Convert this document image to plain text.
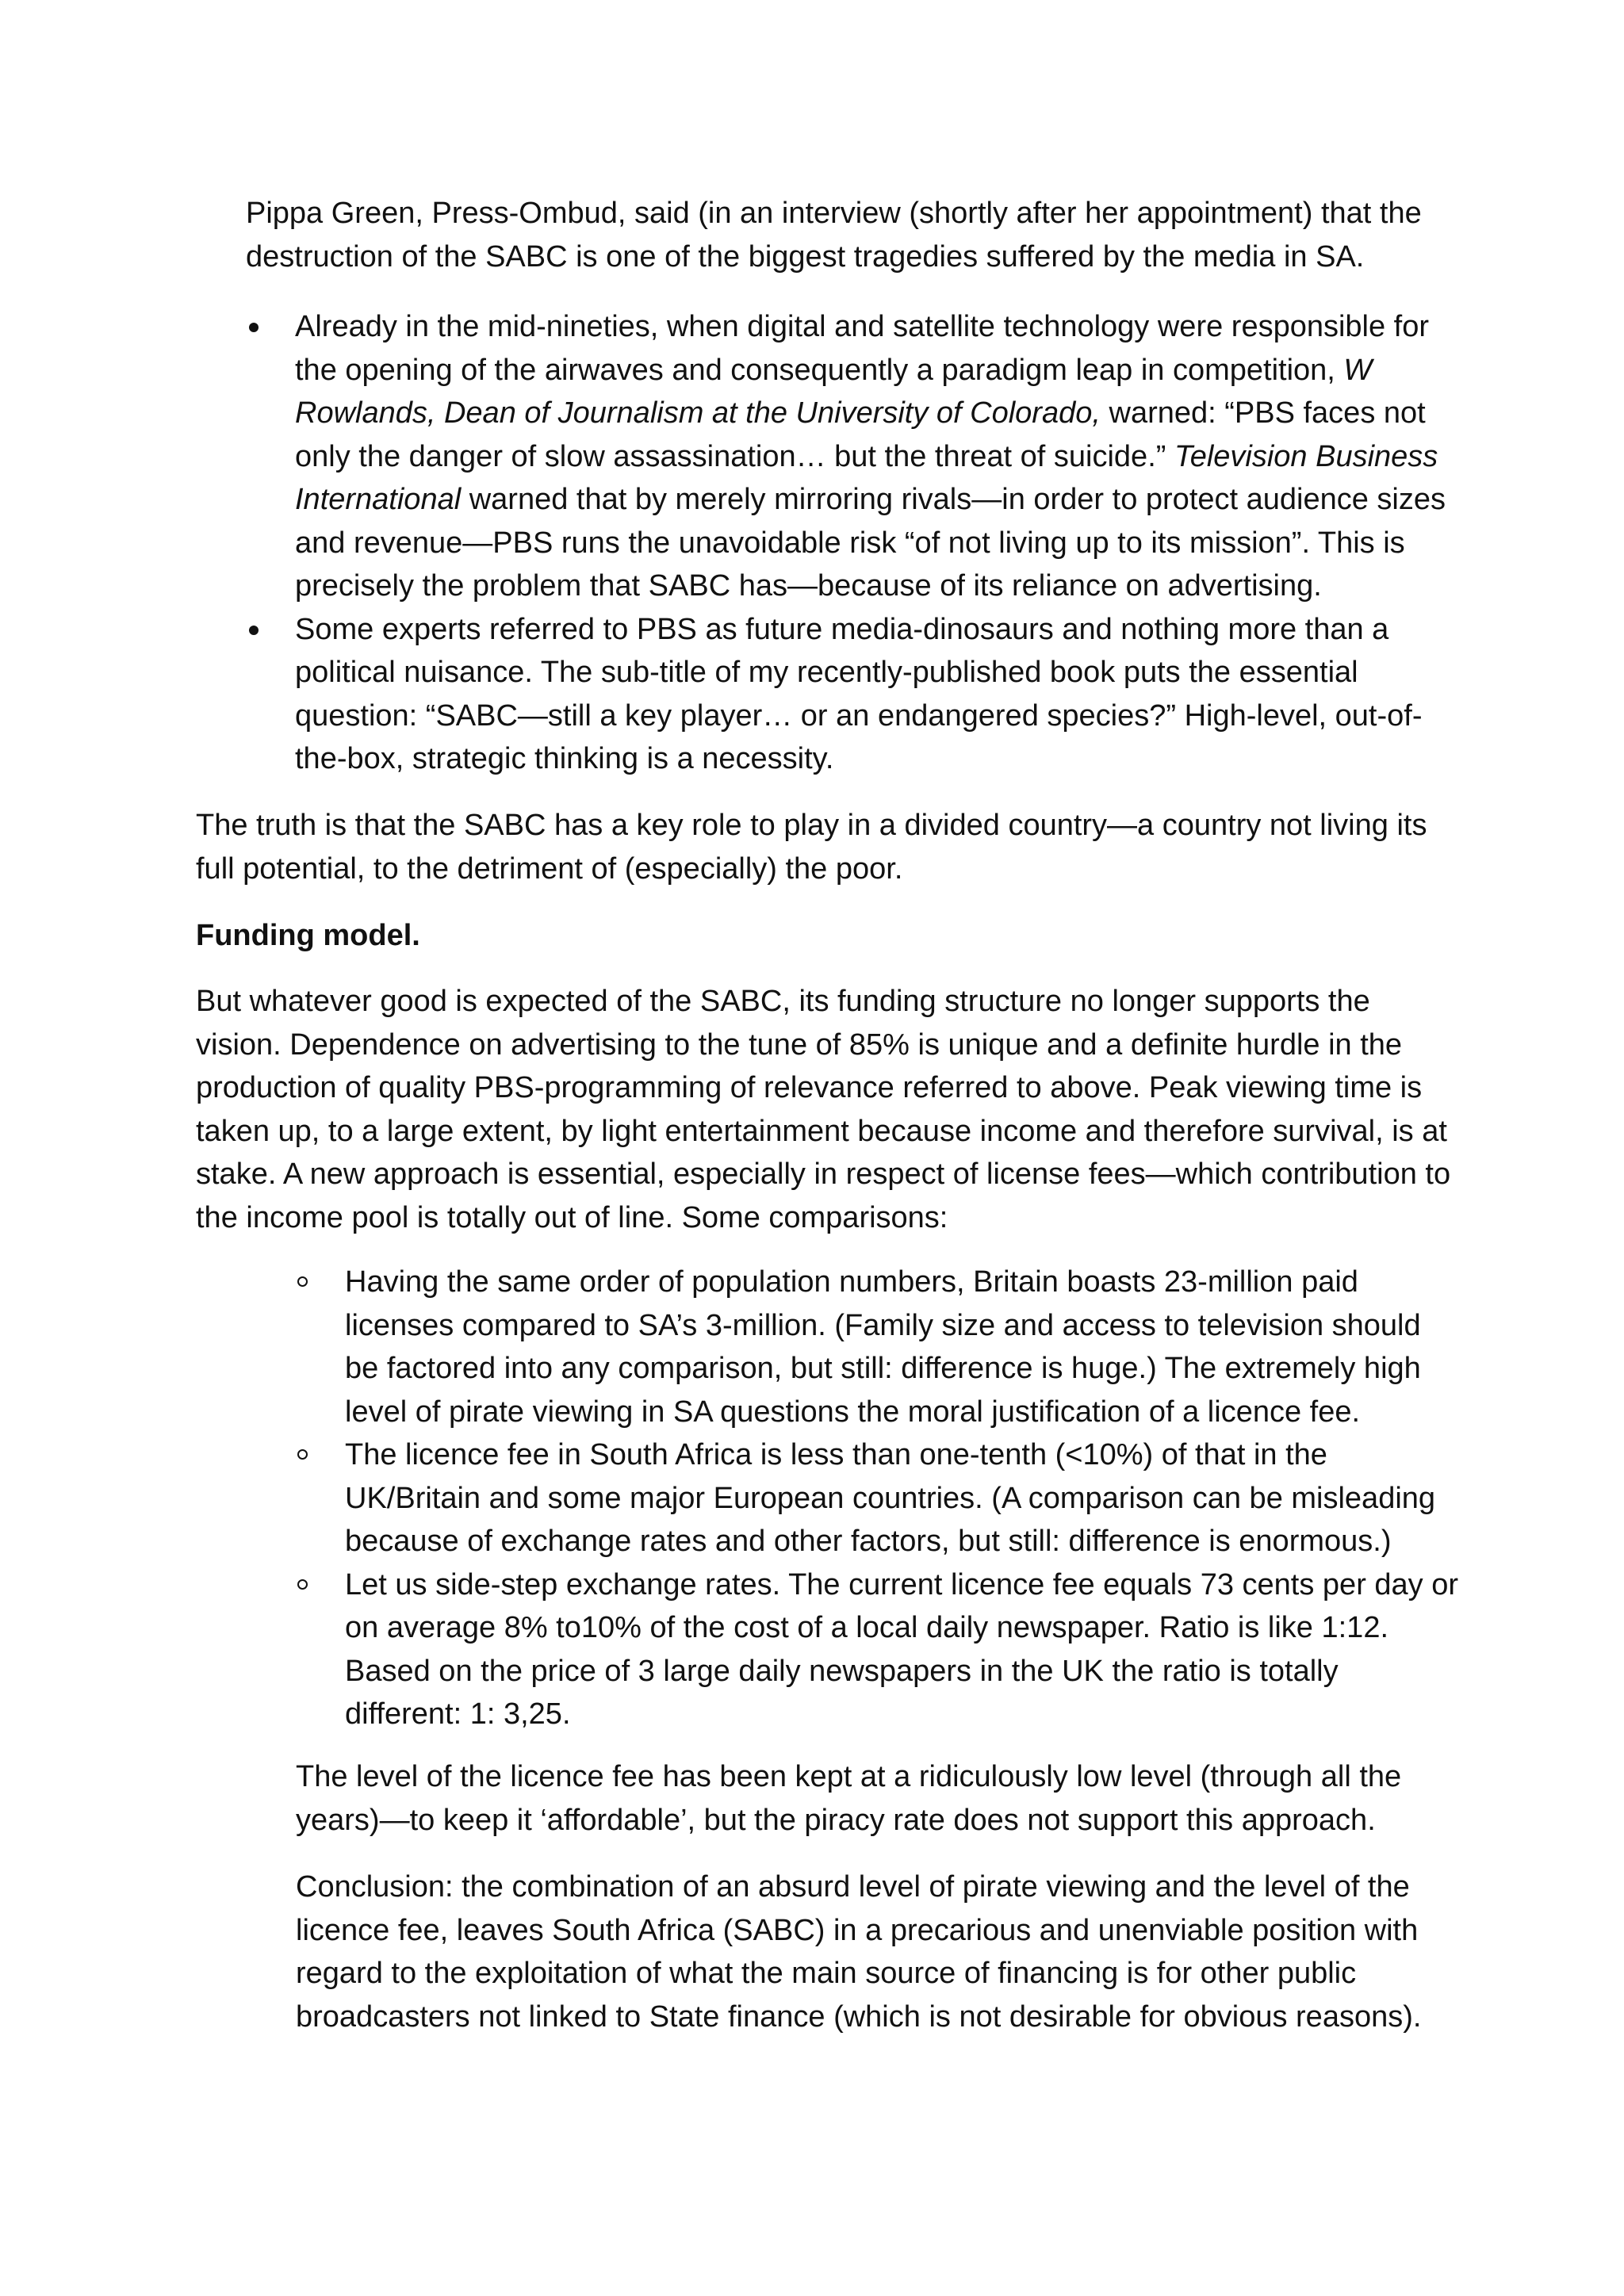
Pippa Green, Press-Ombud, said (in an interview (shortly after her appointment) that the destruction of the SABC is one of the biggest tragedies suffered by the media in SA.

Already in the mid-nineties, when digital and satellite technology were responsible for the opening of the airwaves and consequently a paradigm leap in competition, W Rowlands, Dean of Journalism at the University of Colorado, warned: “PBS faces not only the danger of slow assassination… but the threat of suicide.” Television Business International warned that by merely mirroring rivals—in order to protect audience sizes and revenue—PBS runs the unavoidable risk “of not living up to its mission”. This is precisely the problem that SABC has—because of its reliance on advertising.
Some experts referred to PBS as future media-dinosaurs and nothing more than a political nuisance. The sub-title of my recently-published book puts the essential question: “SABC—still a key player… or an endangered species?” High-level, out-of-the-box, strategic thinking is a necessity.

The truth is that the SABC has a key role to play in a divided country—a country not living its full potential, to the detriment of (especially) the poor.

Funding model.

But whatever good is expected of the SABC, its funding structure no longer supports the vision. Dependence on advertising to the tune of 85% is unique and a definite hurdle in the production of quality PBS-programming of relevance referred to above. Peak viewing time is taken up, to a large extent, by light entertainment because income and therefore survival, is at stake. A new approach is essential, especially in respect of license fees—which contribution to the income pool is totally out of line. Some comparisons:

Having the same order of population numbers, Britain boasts 23-million paid licenses compared to SA’s 3-million. (Family size and access to television should be factored into any comparison, but still: difference is huge.) The extremely high level of pirate viewing in SA questions the moral justification of a licence fee.
The licence fee in South Africa is less than one-tenth (<10%) of that in the UK/Britain and some major European countries. (A comparison can be misleading because of exchange rates and other factors, but still: difference is enormous.)
Let us side-step exchange rates. The current licence fee equals 73 cents per day or on average 8% to10% of the cost of a local daily newspaper. Ratio is like 1:12. Based on the price of 3 large daily newspapers in the UK the ratio is totally different: 1: 3,25.

The level of the licence fee has been kept at a ridiculously low level (through all the years)—to keep it ‘affordable’, but the piracy rate does not support this approach.

Conclusion: the combination of an absurd level of pirate viewing and the level of the licence fee, leaves South Africa (SABC) in a precarious and unenviable position with regard to the exploitation of what the main source of financing is for other public broadcasters not linked to State finance (which is not desirable for obvious reasons).
